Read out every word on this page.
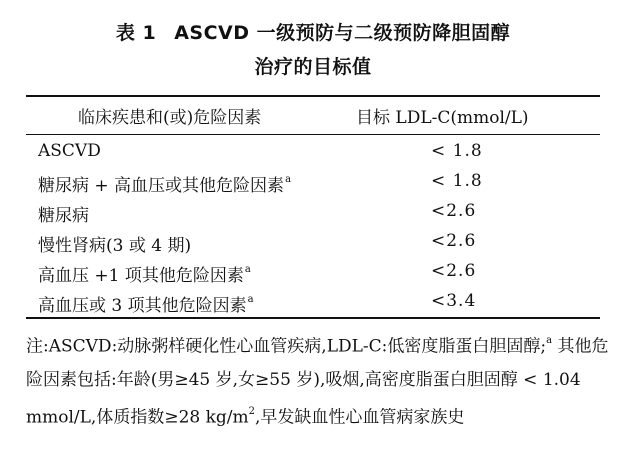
表 1 ASCVD 一级预防与二级预防降胆固醇
治疗的目标值
临床疾患和(或)危险因素	目标 LDL-C(mmol/L)
ASCVD	< 1.8
糖尿病 + 高血压或其他危险因素$^a$	< 1.8
糖尿病	<2.6
慢性肾病(3 或 4 期)	<2.6
高血压 +1 项其他危险因素$^a$	<2.6
高血压或 3 项其他危险因素$^a$	<3.4
注:ASCVD:动脉粥样硬化性心血管疾病,LDL-C:低密度脂蛋白胆固醇;$^a$ 其他危险因素包括:年龄(男≥45 岁,女≥55 岁),吸烟,高密度脂蛋白胆固醇 < 1.04 mmol/L,体质指数≥28 $kg/m^2$,早发缺血性心血管病家族史
